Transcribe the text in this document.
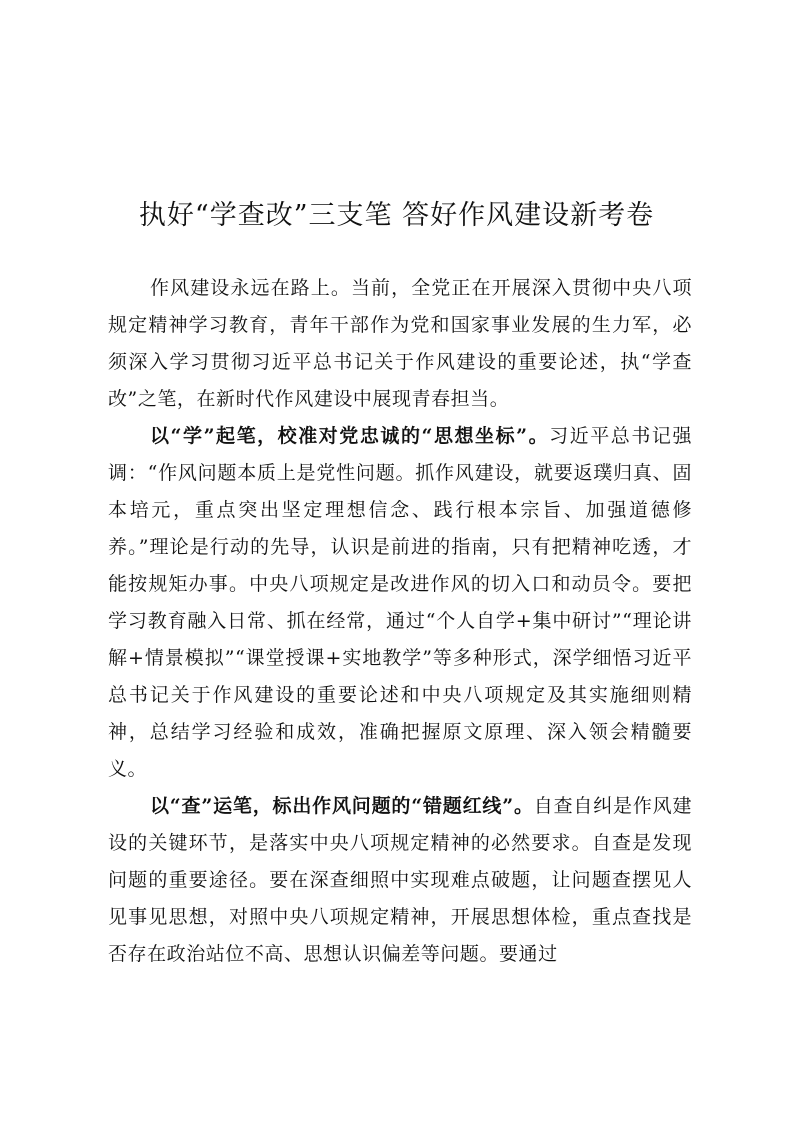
执好“学查改”三支笔 答好作风建设新考卷

作风建设永远在路上。当前，全党正在开展深入贯彻中央八项规定精神学习教育，青年干部作为党和国家事业发展的生力军，必须深入学习贯彻习近平总书记关于作风建设的重要论述，执“学查改”之笔，在新时代作风建设中展现青春担当。

以“学”起笔，校准对党忠诚的“思想坐标”。习近平总书记强调：“作风问题本质上是党性问题。抓作风建设，就要返璞归真、固本培元，重点突出坚定理想信念、践行根本宗旨、加强道德修养。”理论是行动的先导，认识是前进的指南，只有把精神吃透，才能按规矩办事。中央八项规定是改进作风的切入口和动员令。要把学习教育融入日常、抓在经常，通过“个人自学+集中研讨”“理论讲解+情景模拟”“课堂授课+实地教学”等多种形式，深学细悟习近平总书记关于作风建设的重要论述和中央八项规定及其实施细则精神，总结学习经验和成效，准确把握原文原理、深入领会精髓要义。

以“查”运笔，标出作风问题的“错题红线”。自查自纠是作风建设的关键环节，是落实中央八项规定精神的必然要求。自查是发现问题的重要途径。要在深查细照中实现难点破题，让问题查摆见人见事见思想，对照中央八项规定精神，开展思想体检，重点查找是否存在政治站位不高、思想认识偏差等问题。要通过
